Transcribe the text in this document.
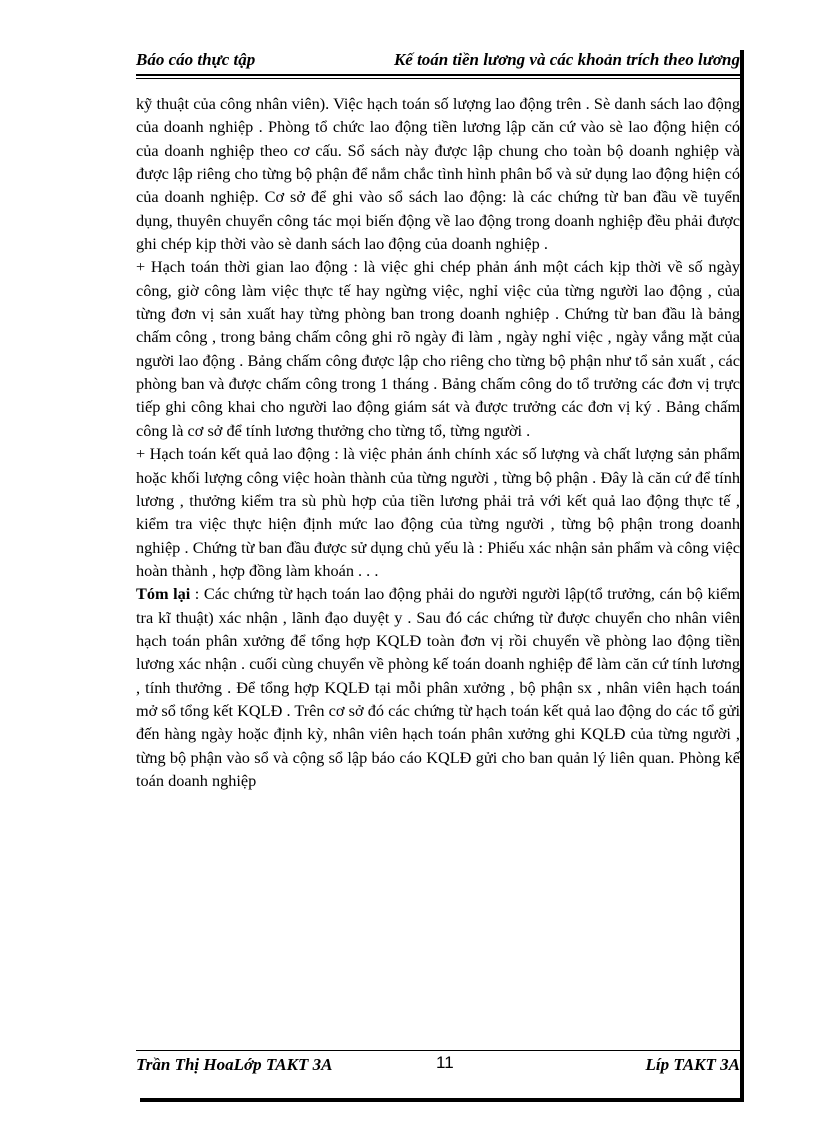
Báo cáo thực tập	Kế toán tiền lương và các khoản trích theo lương

kỹ thuật của công nhân viên). Việc hạch toán số lượng lao động trên . Sè danh sách lao động của doanh nghiệp . Phòng tổ chức lao động tiền lương lập căn cứ vào sè lao động hiện có của doanh nghiệp theo cơ cấu. Sổ sách này được lập chung cho toàn bộ doanh nghiệp và được lập riêng cho từng bộ phận để nắm chắc tình hình phân bổ và sử dụng lao động hiện có của doanh nghiệp. Cơ sở để ghi vào sổ sách lao động: là các chứng từ ban đầu về tuyển dụng, thuyên chuyển công tác mọi biến động về lao động trong doanh nghiệp đều phải được ghi chép kịp thời vào sè danh sách lao động của doanh nghiệp .

+ Hạch toán thời gian lao động : là việc ghi chép phản ánh một cách kịp thời về số ngày công, giờ công làm việc thực tế hay ngừng việc, nghỉ việc của từng người lao động , của từng đơn vị sản xuất hay từng phòng ban trong doanh nghiệp . Chứng từ ban đầu là bảng chấm công , trong bảng chấm công ghi rõ ngày đi làm , ngày nghỉ việc , ngày vắng mặt của người lao động . Bảng chấm công được lập cho riêng cho từng bộ phận như tổ sản xuất , các phòng ban và được chấm công trong 1 tháng . Bảng chấm công do tổ trưởng các đơn vị trực tiếp ghi công khai cho người lao động giám sát và được trưởng các đơn vị ký . Bảng chấm công là cơ sở để tính lương thưởng cho từng tổ, từng người .

+ Hạch toán kết quả lao động : là việc phản ánh chính xác số lượng và chất lượng sản phẩm hoặc khối lượng công việc hoàn thành của từng người , từng bộ phận . Đây là căn cứ để tính lương , thưởng kiểm tra sù phù hợp của tiền lương phải trả với kết quả lao động thực tế , kiểm tra việc thực hiện định mức lao động của từng người , từng bộ phận trong doanh nghiệp . Chứng từ ban đầu được sử dụng chủ yếu là : Phiếu xác nhận sản phẩm và công việc hoàn thành , hợp đồng làm khoán . . .

Tóm lại : Các chứng từ hạch toán lao động phải do người người lập(tổ trưởng, cán bộ kiểm tra kĩ thuật) xác nhận , lãnh đạo duyệt y . Sau đó các chứng từ được chuyển cho nhân viên hạch toán phân xưởng để tổng hợp KQLĐ toàn đơn vị rồi chuyển về phòng lao động tiền lương xác nhận . cuối cùng chuyển về phòng kế toán doanh nghiệp để làm căn cứ tính lương , tính thưởng . Để tổng hợp KQLĐ tại mỗi phân xưởng , bộ phận sx , nhân viên hạch toán mở sổ tổng kết KQLĐ . Trên cơ sở đó các chứng từ hạch toán kết quả lao động do các tổ gửi đến hàng ngày hoặc định kỳ, nhân viên hạch toán phân xưởng ghi KQLĐ của từng người , từng bộ phận vào sổ và cộng sổ lập báo cáo KQLĐ gửi cho ban quản lý liên quan. Phòng kế toán doanh nghiệp

Trần Thị HoaLớp TAKT 3A	11	Líp TAKT 3A
